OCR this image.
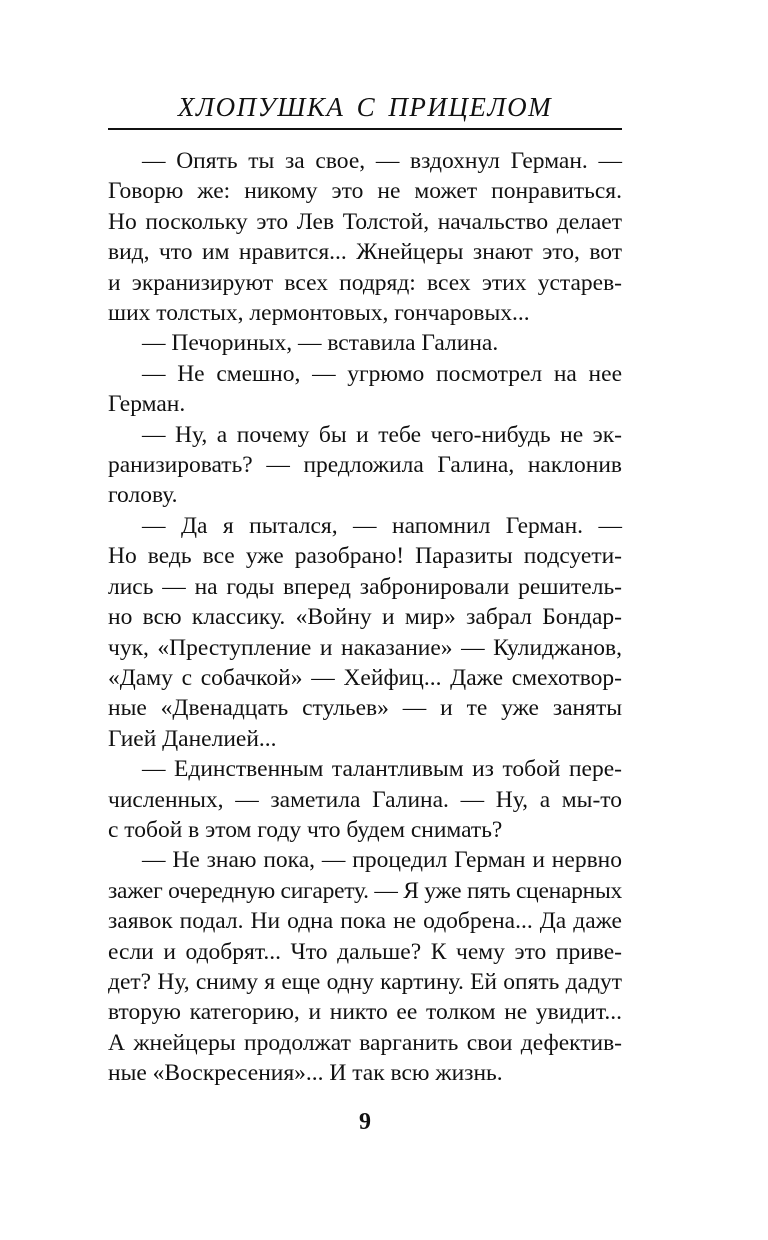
ХЛОПУШКА С ПРИЦЕЛОМ
— Опять ты за свое, — вздохнул Герман. —
Говорю же: никому это не может понравиться.
Но поскольку это Лев Толстой, начальство делает
вид, что им нравится... Жнейцеры знают это, вот
и экранизируют всех подряд: всех этих устарев-
ших толстых, лермонтовых, гончаровых...
— Печориных, — вставила Галина.
— Не смешно, — угрюмо посмотрел на нее
Герман.
— Ну, а почему бы и тебе чего-нибудь не эк-
ранизировать? — предложила Галина, наклонив
голову.
— Да я пытался, — напомнил Герман. —
Но ведь все уже разобрано! Паразиты подсуети-
лись — на годы вперед забронировали решитель-
но всю классику. «Войну и мир» забрал Бондар-
чук, «Преступление и наказание» — Кулиджанов,
«Даму с собачкой» — Хейфиц... Даже смехотвор-
ные «Двенадцать стульев» — и те уже заняты
Гией Данелией...
— Единственным талантливым из тобой пере-
численных, — заметила Галина. — Ну, а мы-то
с тобой в этом году что будем снимать?
— Не знаю пока, — процедил Герман и нервно
зажег очередную сигарету. — Я уже пять сценарных
заявок подал. Ни одна пока не одобрена... Да даже
если и одобрят... Что дальше? К чему это приве-
дет? Ну, сниму я еще одну картину. Ей опять дадут
вторую категорию, и никто ее толком не увидит...
А жнейцеры продолжат варганить свои дефектив-
ные «Воскресения»... И так всю жизнь.
9
